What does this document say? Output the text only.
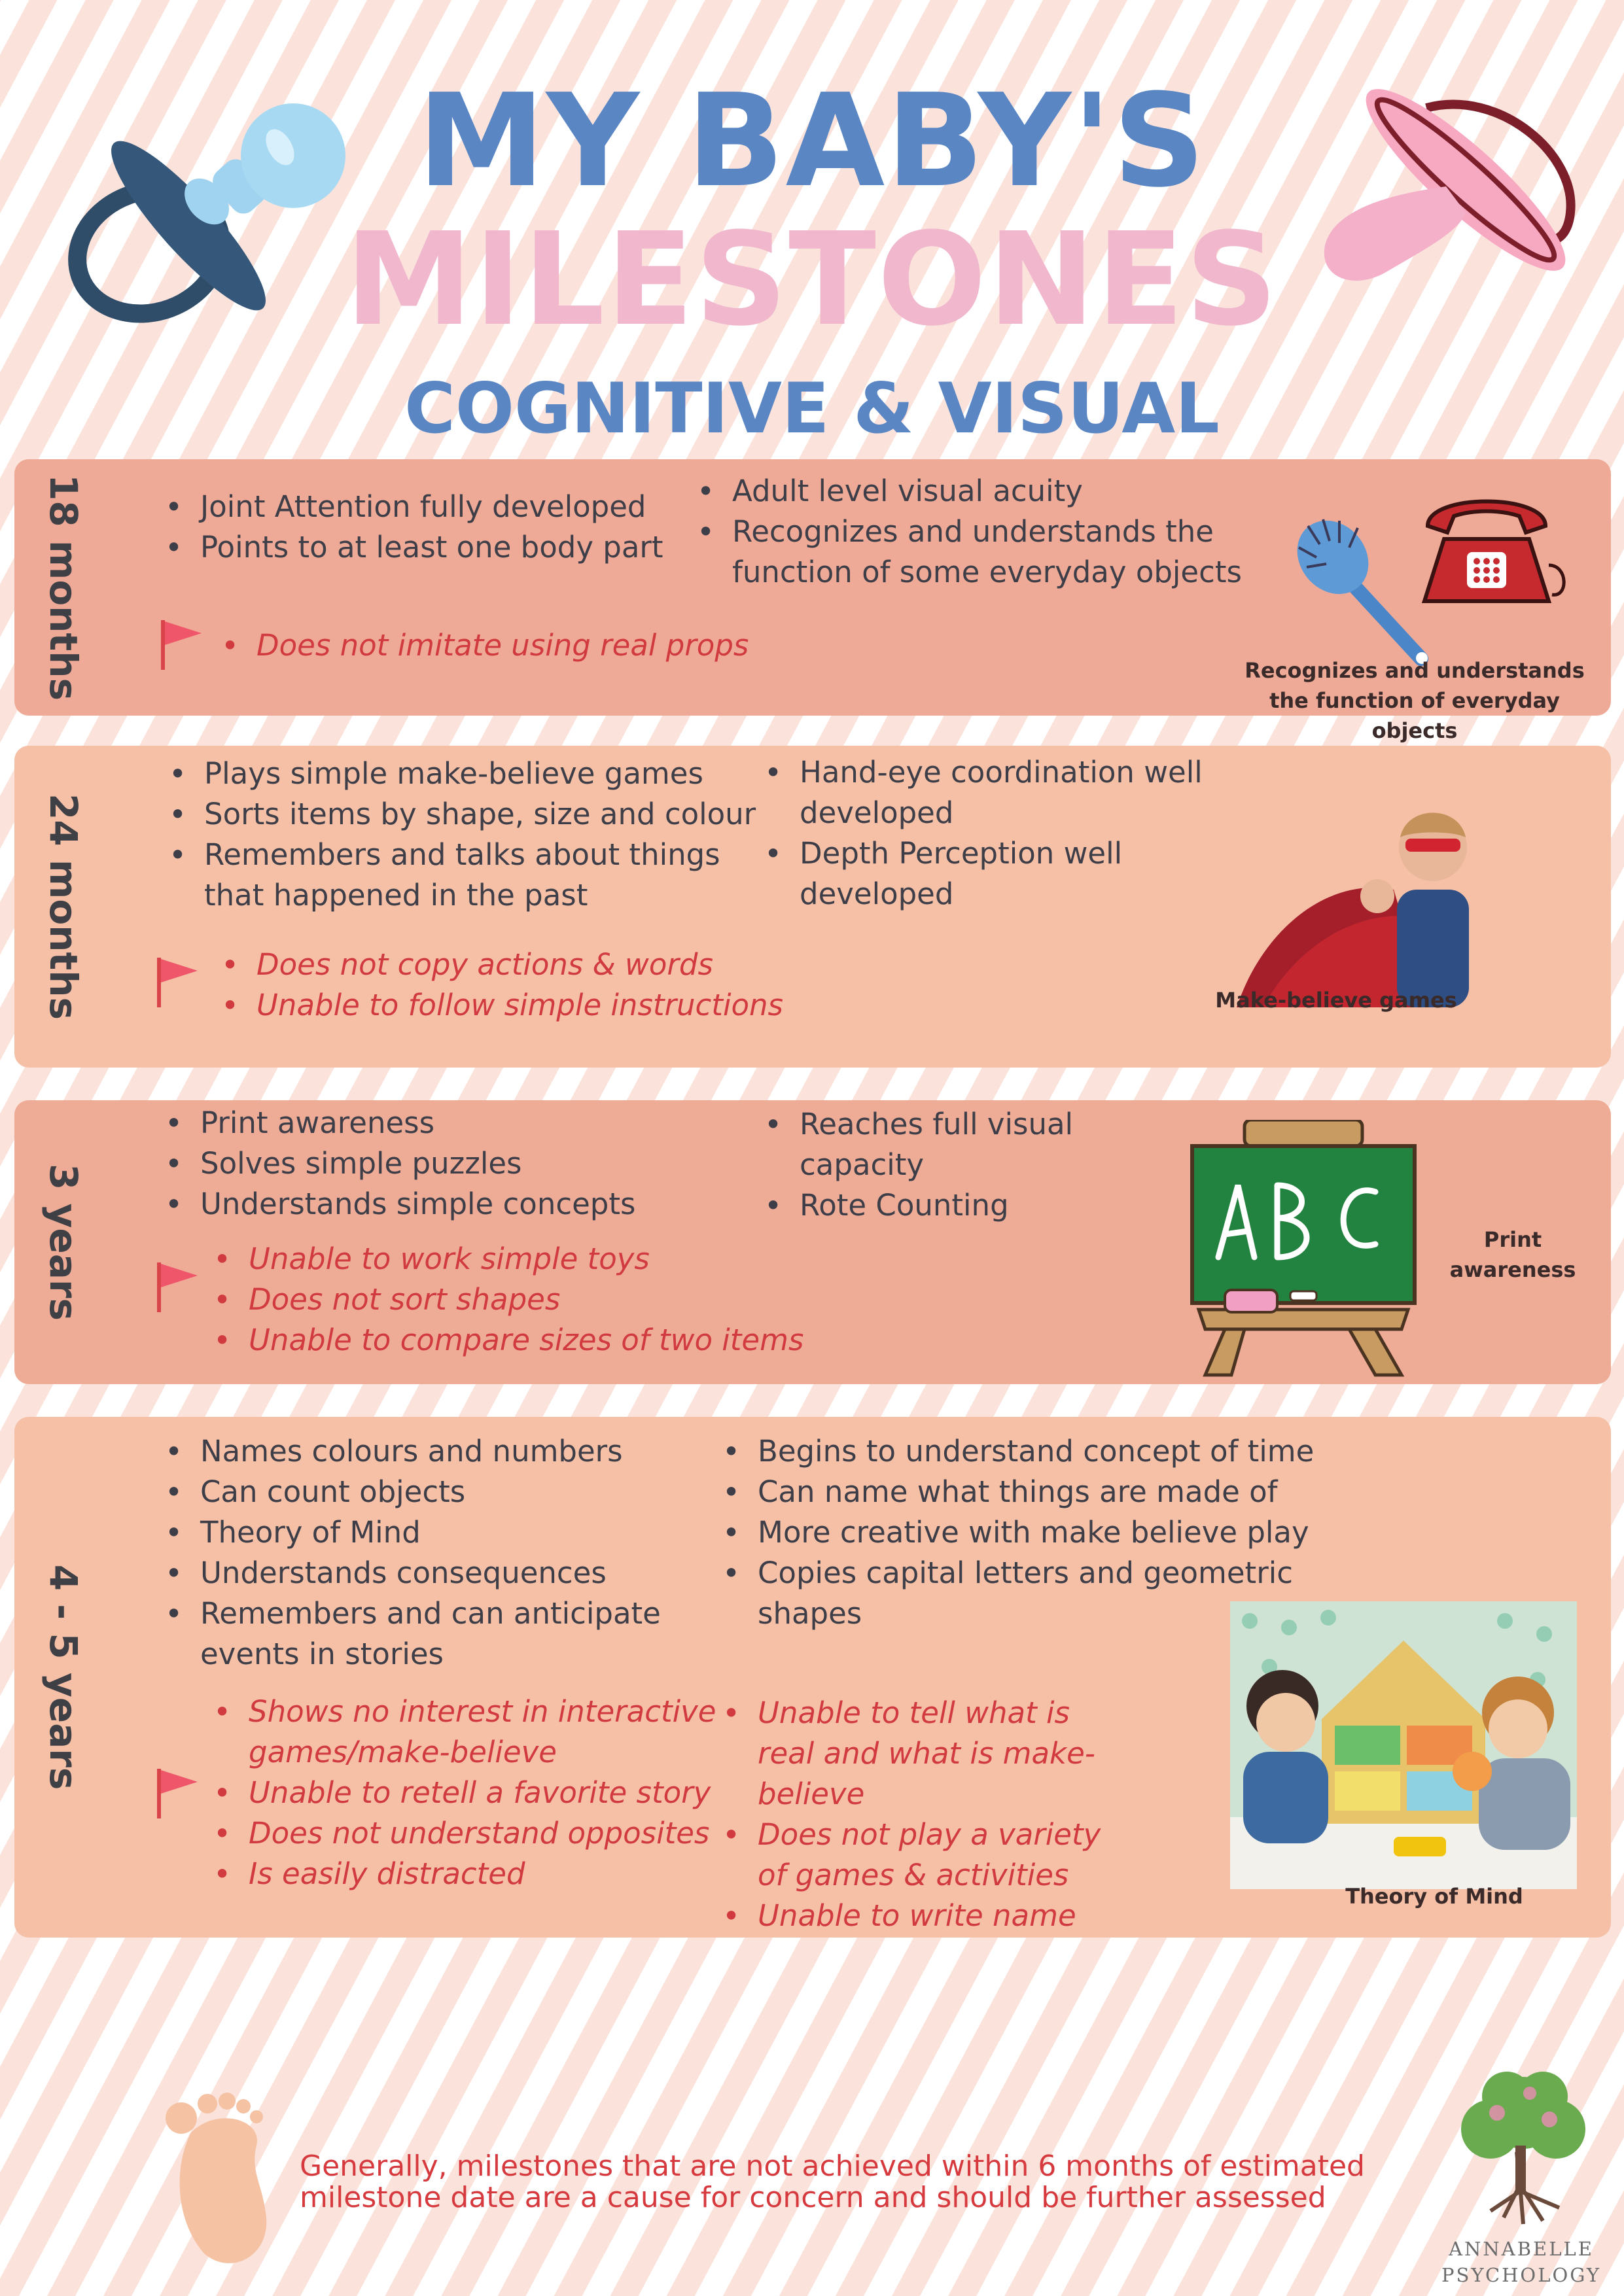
MY BABY'S
MILESTONES
COGNITIVE & VISUAL
18 months
•	Joint Attention fully developed
• Points to at least one body part
• Adult level visual acuity
• Recognizes and understands the function of some everyday objects
• Does not imitate using real props
Recognizes and understands the function of everyday objects
24 months
• Plays simple make-believe games
• Sorts items by shape, size and colour
• Remembers and talks about things that happened in the past
• Hand-eye coordination well developed
• Depth Perception well developed
• Does not copy actions & words
• Unable to follow simple instructions	Make-believe games
3 years
• Print awareness
• Solves simple puzzles
• Understands simple concepts
• Reaches full visual capacity
• Rote Counting
• Unable to work simple toys
• Does not sort shapes
• Unable to compare sizes of two items
Print awareness
4 - 5 years
• Names colours and numbers
• Can count objects
• Theory of Mind
• Understands consequences
• Remembers and can anticipate events in stories
• Begins to understand concept of time
• Can name what things are made of
• More creative with make believe play
• Copies capital letters and geometric shapes
• Shows no interest in interactive games/make-believe
• Unable to retell a favorite story
• Does not understand opposites
• Is easily distracted
• Unable to tell what is real and what is make-believe
• Does not play a variety of games & activities
• Unable to write name
Theory of Mind
Generally, milestones that are not achieved within 6 months of estimated milestone date are a cause for concern and should be further assessed
ANNABELLE
PSYCHOLOGY
